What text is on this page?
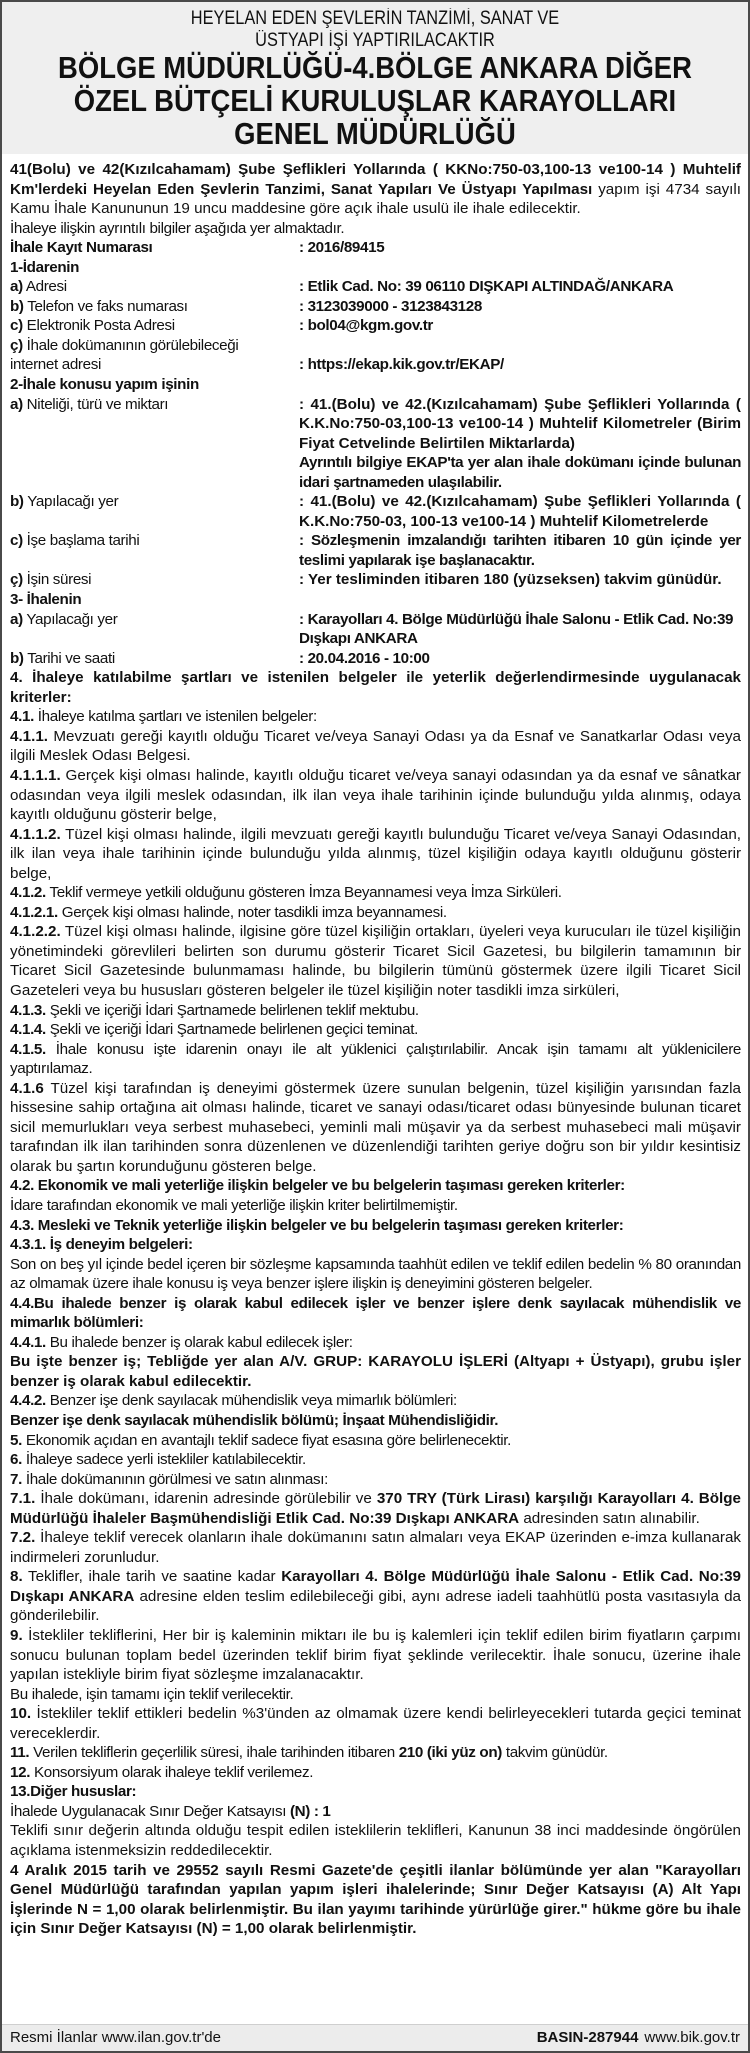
HEYELAN EDEN ŞEVLERİN TANZİMİ, SANAT VE
ÜSTYAPI İŞİ YAPTIRILACAKTIR
BÖLGE MÜDÜRLÜĞÜ-4.BÖLGE ANKARA DİĞER
ÖZEL BÜTÇELİ KURULUŞLAR KARAYOLLARI
GENEL MÜDÜRLÜĞÜ

41(Bolu) ve 42(Kızılcahamam) Şube Şeflikleri Yollarında ( KKNo:750-03,100-13 ve100-14 ) Muhtelif Km'lerdeki Heyelan Eden Şevlerin Tanzimi, Sanat Yapıları Ve Üstyapı Yapılması yapım işi 4734 sayılı Kamu İhale Kanununun 19 uncu maddesine göre açık ihale usulü ile ihale edilecektir.

İhaleye ilişkin ayrıntılı bilgiler aşağıda yer almaktadır.

İhale Kayıt Numarası	: 2016/89415
1-İdarenin
a) Adresi	: Etlik Cad. No: 39 06110 DIŞKAPI ALTINDAĞ/ANKARA
b) Telefon ve faks numarası	: 3123039000 - 3123843128
c) Elektronik Posta Adresi	: bol04@kgm.gov.tr
ç) İhale dokümanının görülebileceği
internet adresi	: https://ekap.kik.gov.tr/EKAP/
2-İhale konusu yapım işinin
a) Niteliği, türü ve miktarı	: 41.(Bolu) ve 42.(Kızılcahamam) Şube Şeflikleri Yollarında ( K.K.No:750-03,100-13 ve100-14 ) Muhtelif Kilometreler (Birim Fiyat Cetvelinde Belirtilen Miktarlarda)
Ayrıntılı bilgiye EKAP'ta yer alan ihale dokümanı içinde bulunan idari şartnameden ulaşılabilir.
b) Yapılacağı yer	: 41.(Bolu) ve 42.(Kızılcahamam) Şube Şeflikleri Yollarında ( K.K.No:750-03, 100-13 ve100-14 ) Muhtelif Kilometrelerde
c) İşe başlama tarihi	: Sözleşmenin imzalandığı tarihten itibaren 10 gün içinde yer teslimi yapılarak işe başlanacaktır.
ç) İşin süresi	: Yer tesliminden itibaren 180 (yüzseksen) takvim günüdür.
3- İhalenin
a) Yapılacağı yer	: Karayolları 4. Bölge Müdürlüğü İhale Salonu - Etlik Cad. No:39 Dışkapı ANKARA
b) Tarihi ve saati	: 20.04.2016 - 10:00
4. İhaleye katılabilme şartları ve istenilen belgeler ile yeterlik değerlendirmesinde uygulanacak kriterler:

4.1. İhaleye katılma şartları ve istenilen belgeler:

4.1.1. Mevzuatı gereği kayıtlı olduğu Ticaret ve/veya Sanayi Odası ya da Esnaf ve Sanatkarlar Odası veya ilgili Meslek Odası Belgesi.

4.1.1.1. Gerçek kişi olması halinde, kayıtlı olduğu ticaret ve/veya sanayi odasından ya da esnaf ve sânatkar odasından veya ilgili meslek odasından, ilk ilan veya ihale tarihinin içinde bulunduğu yılda alınmış, odaya kayıtlı olduğunu gösterir belge,

4.1.1.2. Tüzel kişi olması halinde, ilgili mevzuatı gereği kayıtlı bulunduğu Ticaret ve/veya Sanayi Odasından, ilk ilan veya ihale tarihinin içinde bulunduğu yılda alınmış, tüzel kişiliğin odaya kayıtlı olduğunu gösterir belge,

4.1.2. Teklif vermeye yetkili olduğunu gösteren İmza Beyannamesi veya İmza Sirküleri.

4.1.2.1. Gerçek kişi olması halinde, noter tasdikli imza beyannamesi.

4.1.2.2. Tüzel kişi olması halinde, ilgisine göre tüzel kişiliğin ortakları, üyeleri veya kurucuları ile tüzel kişiliğin yönetimindeki görevlileri belirten son durumu gösterir Ticaret Sicil Gazetesi, bu bilgilerin tamamının bir Ticaret Sicil Gazetesinde bulunmaması halinde, bu bilgilerin tümünü göstermek üzere ilgili Ticaret Sicil Gazeteleri veya bu hususları gösteren belgeler ile tüzel kişiliğin noter tasdikli imza sirküleri,

4.1.3. Şekli ve içeriği İdari Şartnamede belirlenen teklif mektubu.

4.1.4. Şekli ve içeriği İdari Şartnamede belirlenen geçici teminat.

4.1.5. İhale konusu işte idarenin onayı ile alt yüklenici çalıştırılabilir. Ancak işin tamamı alt yüklenicilere yaptırılamaz.

4.1.6 Tüzel kişi tarafından iş deneyimi göstermek üzere sunulan belgenin, tüzel kişiliğin yarısından fazla hissesine sahip ortağına ait olması halinde, ticaret ve sanayi odası/ticaret odası bünyesinde bulunan ticaret sicil memurlukları veya serbest muhasebeci, yeminli mali müşavir ya da serbest muhasebeci mali müşavir tarafından ilk ilan tarihinden sonra düzenlenen ve düzenlendiği tarihten geriye doğru son bir yıldır kesintisiz olarak bu şartın korunduğunu gösteren belge.

4.2. Ekonomik ve mali yeterliğe ilişkin belgeler ve bu belgelerin taşıması gereken kriterler:

İdare tarafından ekonomik ve mali yeterliğe ilişkin kriter belirtilmemiştir.

4.3. Mesleki ve Teknik yeterliğe ilişkin belgeler ve bu belgelerin taşıması gereken kriterler:
4.3.1. İş deneyim belgeleri:

Son on beş yıl içinde bedel içeren bir sözleşme kapsamında taahhüt edilen ve teklif edilen bedelin % 80 oranından az olmamak üzere ihale konusu iş veya benzer işlere ilişkin iş deneyimini gösteren belgeler.

4.4.Bu ihalede benzer iş olarak kabul edilecek işler ve benzer işlere denk sayılacak mühendislik ve mimarlık bölümleri:

4.4.1. Bu ihalede benzer iş olarak kabul edilecek işler:

Bu işte benzer iş; Tebliğde yer alan A/V. GRUP: KARAYOLU İŞLERİ (Altyapı + Üstyapı), grubu işler benzer iş olarak kabul edilecektir.

4.4.2. Benzer işe denk sayılacak mühendislik veya mimarlık bölümleri:

Benzer işe denk sayılacak mühendislik bölümü; İnşaat Mühendisliğidir.

5. Ekonomik açıdan en avantajlı teklif sadece fiyat esasına göre belirlenecektir.

6. İhaleye sadece yerli istekliler katılabilecektir.

7. İhale dokümanının görülmesi ve satın alınması:

7.1. İhale dokümanı, idarenin adresinde görülebilir ve 370 TRY (Türk Lirası) karşılığı Karayolları 4. Bölge Müdürlüğü İhaleler Başmühendisliği Etlik Cad. No:39 Dışkapı ANKARA adresinden satın alınabilir.

7.2. İhaleye teklif verecek olanların ihale dokümanını satın almaları veya EKAP üzerinden e-imza kullanarak indirmeleri zorunludur.

8. Teklifler, ihale tarih ve saatine kadar Karayolları 4. Bölge Müdürlüğü İhale Salonu - Etlik Cad. No:39 Dışkapı ANKARA adresine elden teslim edilebileceği gibi, aynı adrese iadeli taahhütlü posta vasıtasıyla da gönderilebilir.

9. İstekliler tekliflerini, Her bir iş kaleminin miktarı ile bu iş kalemleri için teklif edilen birim fiyatların çarpımı sonucu bulunan toplam bedel üzerinden teklif birim fiyat şeklinde verilecektir. İhale sonucu, üzerine ihale yapılan istekliyle birim fiyat sözleşme imzalanacaktır.

Bu ihalede, işin tamamı için teklif verilecektir.

10. İstekliler teklif ettikleri bedelin %3'ünden az olmamak üzere kendi belirleyecekleri tutarda geçici teminat vereceklerdir.

11. Verilen tekliflerin geçerlilik süresi, ihale tarihinden itibaren 210 (iki yüz on) takvim günüdür.

12. Konsorsiyum olarak ihaleye teklif verilemez.

13.Diğer hususlar:

İhalede Uygulanacak Sınır Değer Katsayısı (N) : 1

Teklifi sınır değerin altında olduğu tespit edilen isteklilerin teklifleri, Kanunun 38 inci maddesinde öngörülen açıklama istenmeksizin reddedilecektir.

4 Aralık 2015 tarih ve 29552 sayılı Resmi Gazete'de çeşitli ilanlar bölümünde yer alan "Karayolları Genel Müdürlüğü tarafından yapılan yapım işleri ihalelerinde; Sınır Değer Katsayısı (A) Alt Yapı İşlerinde N = 1,00 olarak belirlenmiştir. Bu ilan yayımı tarihinde yürürlüğe girer." hükme göre bu ihale için Sınır Değer Katsayısı (N) = 1,00 olarak belirlenmiştir.
Resmi İlanlar www.ilan.gov.tr'de	BASIN-287944 www.bik.gov.tr
